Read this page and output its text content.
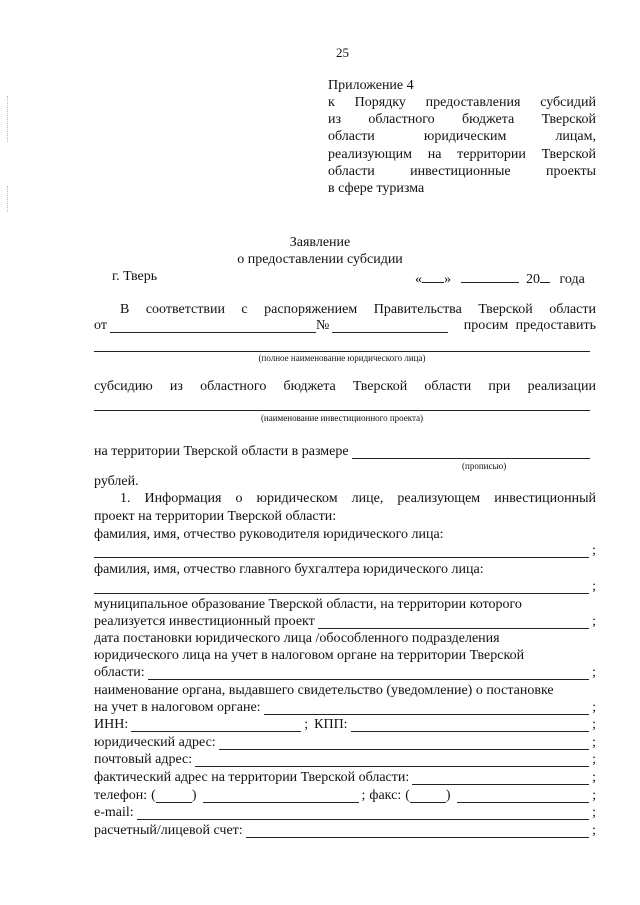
25
Приложение 4
к Порядку предоставления субсидий
из областного бюджета Тверской
области юридическим лицам,
реализующим на территории Тверской
области инвестиционные проекты
в сфере туризма
Заявление
о предоставлении субсидии
г. Тверь	« »	20 года
В соответствии с распоряжением Правительства Тверской области
от	№	просим предоставить
(полное наименование юридического лица)
субсидию из областного бюджета Тверской области при реализации
(наименование инвестиционного проекта)
на территории Тверской области в размере
(прописью)
рублей.
1. Информация о юридическом лице, реализующем инвестиционный
проект на территории Тверской области:
фамилия, имя, отчество руководителя юридического лица:
;
фамилия, имя, отчество главного бухгалтера юридического лица:
;
муниципальное образование Тверской области, на территории которого
реализуется инвестиционный проект	;
дата постановки юридического лица /обособленного подразделения
юридического лица на учет в налоговом органе на территории Тверской
области:	;
наименование органа, выдавшего свидетельство (уведомление) о постановке
на учет в налоговом органе:	;
ИНН:	; КПП:	;
юридический адрес:	;
почтовый адрес:	;
фактический адрес на территории Тверской области:	;
телефон: (	)	; факс: (	)	;
e-mail:	;
расчетный/лицевой счет:	;
